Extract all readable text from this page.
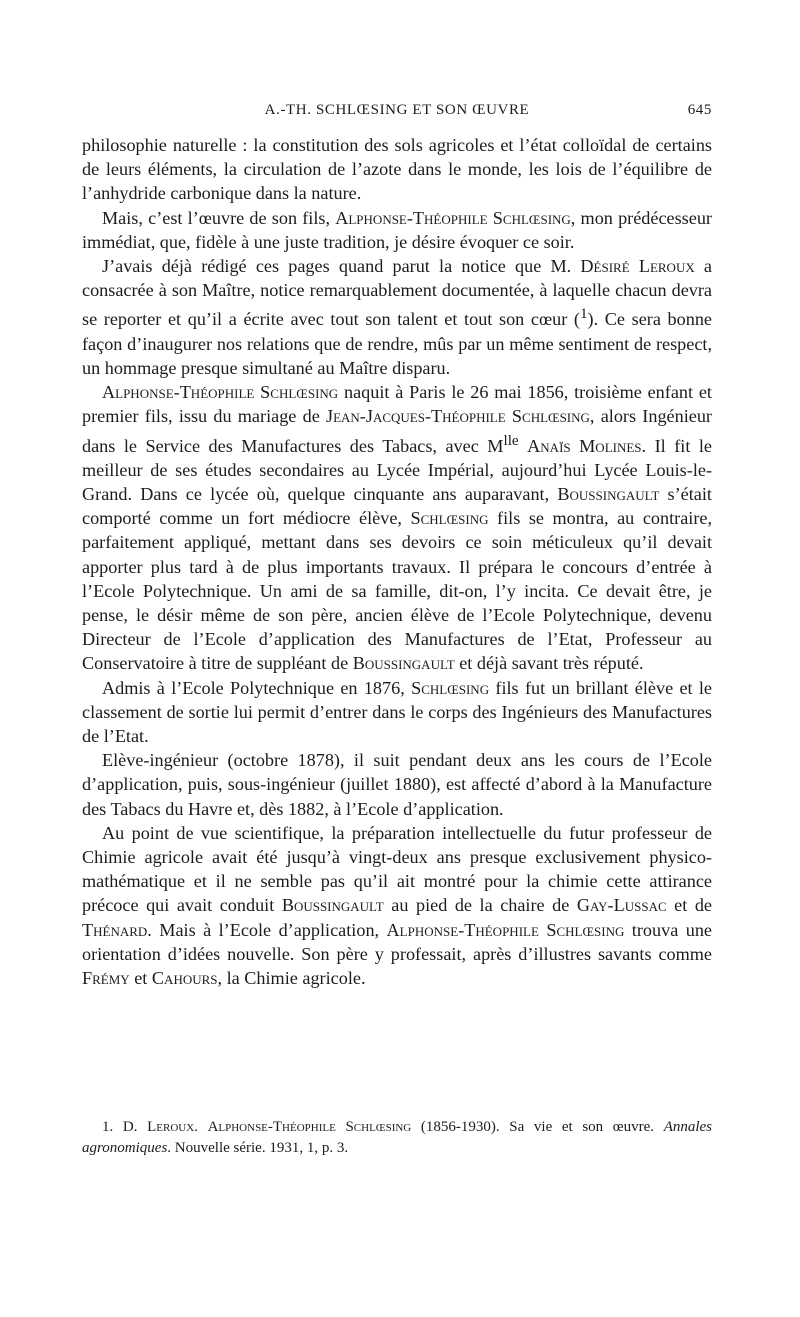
A.-TH. SCHLŒSING ET SON ŒUVRE	645

philosophie naturelle : la constitution des sols agricoles et l’état colloïdal de certains de leurs éléments, la circulation de l’azote dans le monde, les lois de l’équilibre de l’anhydride carbonique dans la nature.

Mais, c’est l’œuvre de son fils, Alphonse-Théophile Schlœsing, mon prédécesseur immédiat, que, fidèle à une juste tradition, je désire évoquer ce soir.

J’avais déjà rédigé ces pages quand parut la notice que M. Désiré Leroux a consacrée à son Maître, notice remarquablement documentée, à laquelle chacun devra se reporter et qu’il a écrite avec tout son talent et tout son cœur ($^1$). Ce sera bonne façon d’inaugurer nos relations que de rendre, mûs par un même sentiment de respect, un hommage presque simultané au Maître disparu.

Alphonse-Théophile Schlœsing naquit à Paris le 26 mai 1856, troisième enfant et premier fils, issu du mariage de Jean-Jacques-Théophile Schlœsing, alors Ingénieur dans le Service des Manufactures des Tabacs, avec $M^{lle}$ Anaïs Molines. Il fit le meilleur de ses études secondaires au Lycée Impérial, aujourd’hui Lycée Louis-le-Grand. Dans ce lycée où, quelque cinquante ans auparavant, Boussingault s’était comporté comme un fort médiocre élève, Schlœsing fils se montra, au contraire, parfaitement appliqué, mettant dans ses devoirs ce soin méticuleux qu’il devait apporter plus tard à de plus importants travaux. Il prépara le concours d’entrée à l’Ecole Polytechnique. Un ami de sa famille, dit-on, l’y incita. Ce devait être, je pense, le désir même de son père, ancien élève de l’Ecole Polytechnique, devenu Directeur de l’Ecole d’application des Manufactures de l’Etat, Professeur au Conservatoire à titre de suppléant de Boussingault et déjà savant très réputé.

Admis à l’Ecole Polytechnique en 1876, Schlœsing fils fut un brillant élève et le classement de sortie lui permit d’entrer dans le corps des Ingénieurs des Manufactures de l’Etat.

Elève-ingénieur (octobre 1878), il suit pendant deux ans les cours de l’Ecole d’application, puis, sous-ingénieur (juillet 1880), est affecté d’abord à la Manufacture des Tabacs du Havre et, dès 1882, à l’Ecole d’application.

Au point de vue scientifique, la préparation intellectuelle du futur professeur de Chimie agricole avait été jusqu’à vingt-deux ans presque exclusivement physico-mathématique et il ne semble pas qu’il ait montré pour la chimie cette attirance précoce qui avait conduit Boussingault au pied de la chaire de Gay-Lussac et de Thénard. Mais à l’Ecole d’application, Alphonse-Théophile Schlœsing trouva une orientation d’idées nouvelle. Son père y professait, après d’illustres savants comme Frémy et Cahours, la Chimie agricole.

1. D. Leroux. Alphonse-Théophile Schlœsing (1856-1930). Sa vie et son œuvre. Annales agronomiques. Nouvelle série. 1931, 1, p. 3.
